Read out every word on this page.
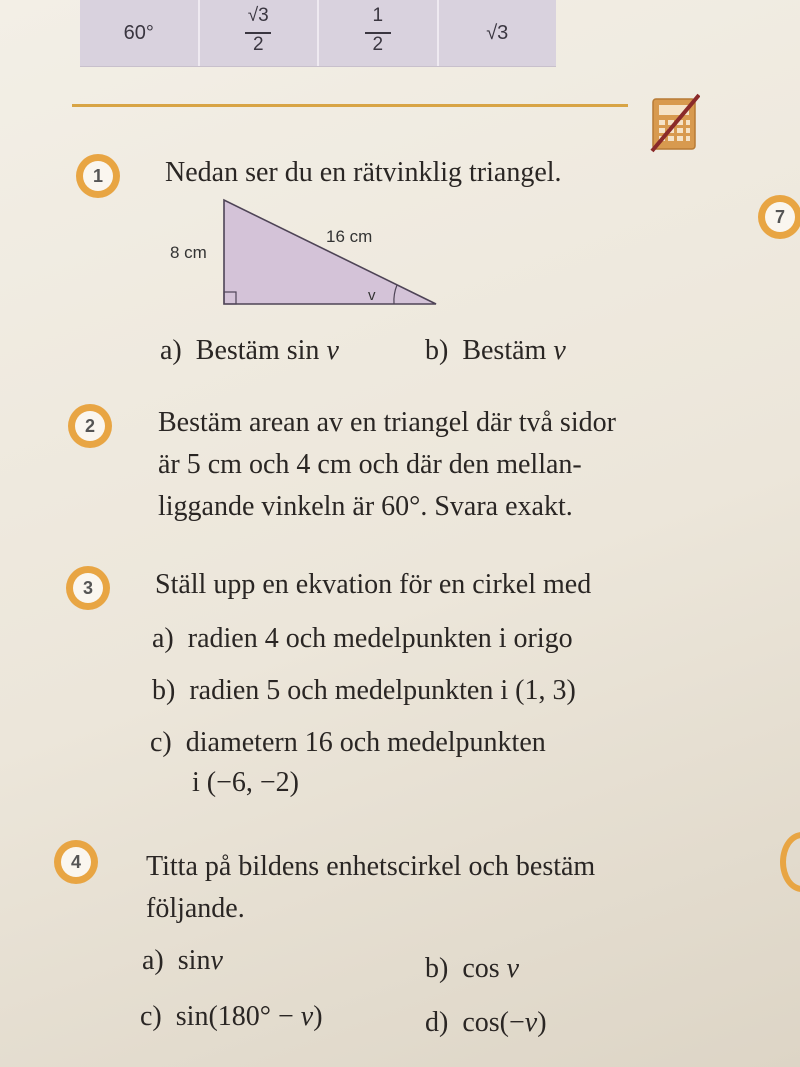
60°	$\frac{√3}{2}$	$\frac{1}{2}$	√3
1	Nedan ser du en rätvinklig triangel.
8 cm
16 cm
v
a) Bestäm sin v	b) Bestäm v
7
2	Bestäm arean av en triangel där två sidor
är 5 cm och 4 cm och där den mellan-
liggande vinkeln är 60°. Svara exakt.
3	Ställ upp en ekvation för en cirkel med
a) radien 4 och medelpunkten i origo
b) radien 5 och medelpunkten i (1, 3)
c) diametern 16 och medelpunkten
i (−6, −2)
4	Titta på bildens enhetscirkel och bestäm
följande.
a) sinv	b) cos v
c) sin(180° − v)	d) cos(−v)
